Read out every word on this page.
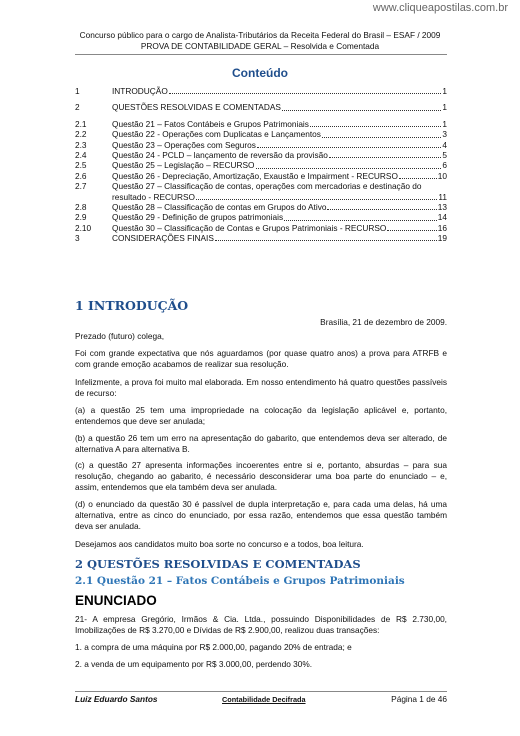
www.cliqueapostilas.com.br
Concurso público para o cargo de Analista-Tributários da Receita Federal do Brasil – ESAF / 2009
PROVA DE CONTABILIDADE GERAL – Resolvida e Comentada
Conteúdo
1	INTRODUÇÃO	1
2	QUESTÕES RESOLVIDAS E COMENTADAS	1
2.1	Questão 21 – Fatos Contábeis e Grupos Patrimoniais	1
2.2	Questão 22 - Operações com Duplicatas e Lançamentos	3
2.3	Questão 23 – Operações com Seguros	4
2.4	Questão 24 - PCLD – lançamento de reversão da provisão	5
2.5	Questão 25 – Legislação – RECURSO	6
2.6	Questão 26 - Depreciação, Amortização, Exaustão e Impairment - RECURSO	10
2.7	Questão 27 – Classificação de contas, operações com mercadorias e destinação do
resultado - RECURSO	11
2.8	Questão 28 – Classificação de contas em Grupos do Ativo	13
2.9	Questão 29 - Definição de grupos patrimoniais	14
2.10	Questão 30 – Classificação de Contas e Grupos Patrimoniais - RECURSO	16
3	CONSIDERAÇÕES FINAIS	19
1 INTRODUÇÃO
Brasília, 21 de dezembro de 2009.
Prezado (futuro) colega,
Foi com grande expectativa que nós aguardamos (por quase quatro anos) a prova para ATRFB e com grande emoção acabamos de realizar sua resolução.
Infelizmente, a prova foi muito mal elaborada. Em nosso entendimento há quatro questões passíveis de recurso:
(a) a questão 25 tem uma impropriedade na colocação da legislação aplicável e, portanto, entendemos que deve ser anulada;
(b) a questão 26 tem um erro na apresentação do gabarito, que entendemos deva ser alterado, de alternativa A para alternativa B.
(c) a questão 27 apresenta informações incoerentes entre si e, portanto, absurdas – para sua resolução, chegando ao gabarito, é necessário desconsiderar uma boa parte do enunciado – e, assim, entendemos que ela também deva ser anulada.
(d) o enunciado da questão 30 é passível de dupla interpretação e, para cada uma delas, há uma alternativa, entre as cinco do enunciado, por essa razão, entendemos que essa questão também deva ser anulada.
Desejamos aos candidatos muito boa sorte no concurso e a todos, boa leitura.
2 QUESTÕES RESOLVIDAS E COMENTADAS
2.1 Questão 21 – Fatos Contábeis e Grupos Patrimoniais
ENUNCIADO
21- A empresa Gregório, Irmãos & Cia. Ltda., possuindo Disponibilidades de R$ 2.730,00, Imobilizações de R$ 3.270,00 e Dívidas de R$ 2.900,00, realizou duas transações:
1. a compra de uma máquina por R$ 2.000,00, pagando 20% de entrada; e
2. a venda de um equipamento por R$ 3.000,00, perdendo 30%.
Luiz Eduardo Santos	Contabilidade Decifrada	Página 1 de 46
